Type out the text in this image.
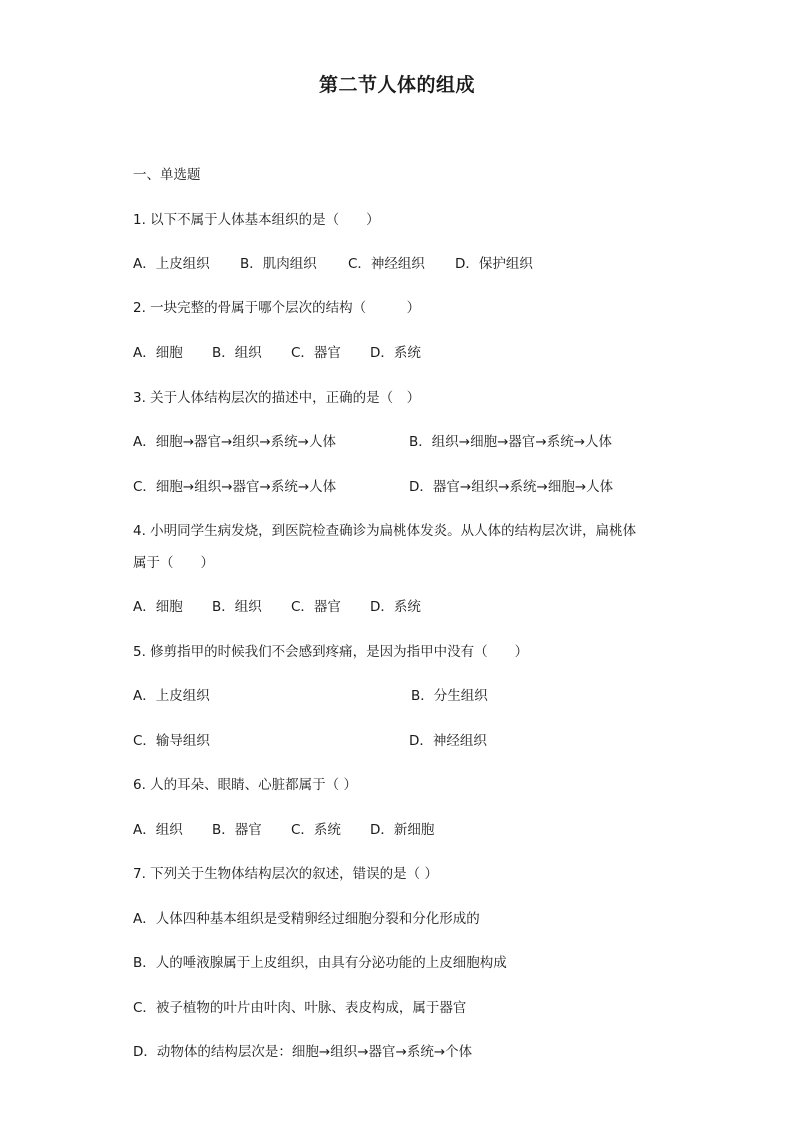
第二节人体的组成
一、单选题
1. 以下不属于人体基本组织的是（　　）
A．上皮组织 B．肌肉组织 C．神经组织 D．保护组织
2. 一块完整的骨属于哪个层次的结构（　　　）
A．细胞 B．组织 C．器官 D．系统
3. 关于人体结构层次的描述中，正确的是（　）
A．细胞→器官→组织→系统→人体	B．组织→细胞→器官→系统→人体
C．细胞→组织→器官→系统→人体	D．器官→组织→系统→细胞→人体
4. 小明同学生病发烧，到医院检查确诊为扁桃体发炎。从人体的结构层次讲，扁桃体
属于（　　）
A．细胞 B．组织 C．器官 D．系统
5. 修剪指甲的时候我们不会感到疼痛，是因为指甲中没有（　　）
A．上皮组织	B．分生组织
C．输导组织	D．神经组织
6. 人的耳朵、眼睛、心脏都属于（ ）
A．组织 B．器官 C．系统 D．新细胞
7. 下列关于生物体结构层次的叙述，错误的是（ ）
A．人体四种基本组织是受精卵经过细胞分裂和分化形成的
B．人的唾液腺属于上皮组织，由具有分泌功能的上皮细胞构成
C．被子植物的叶片由叶肉、叶脉、表皮构成，属于器官
D．动物体的结构层次是：细胞→组织→器官→系统→个体
